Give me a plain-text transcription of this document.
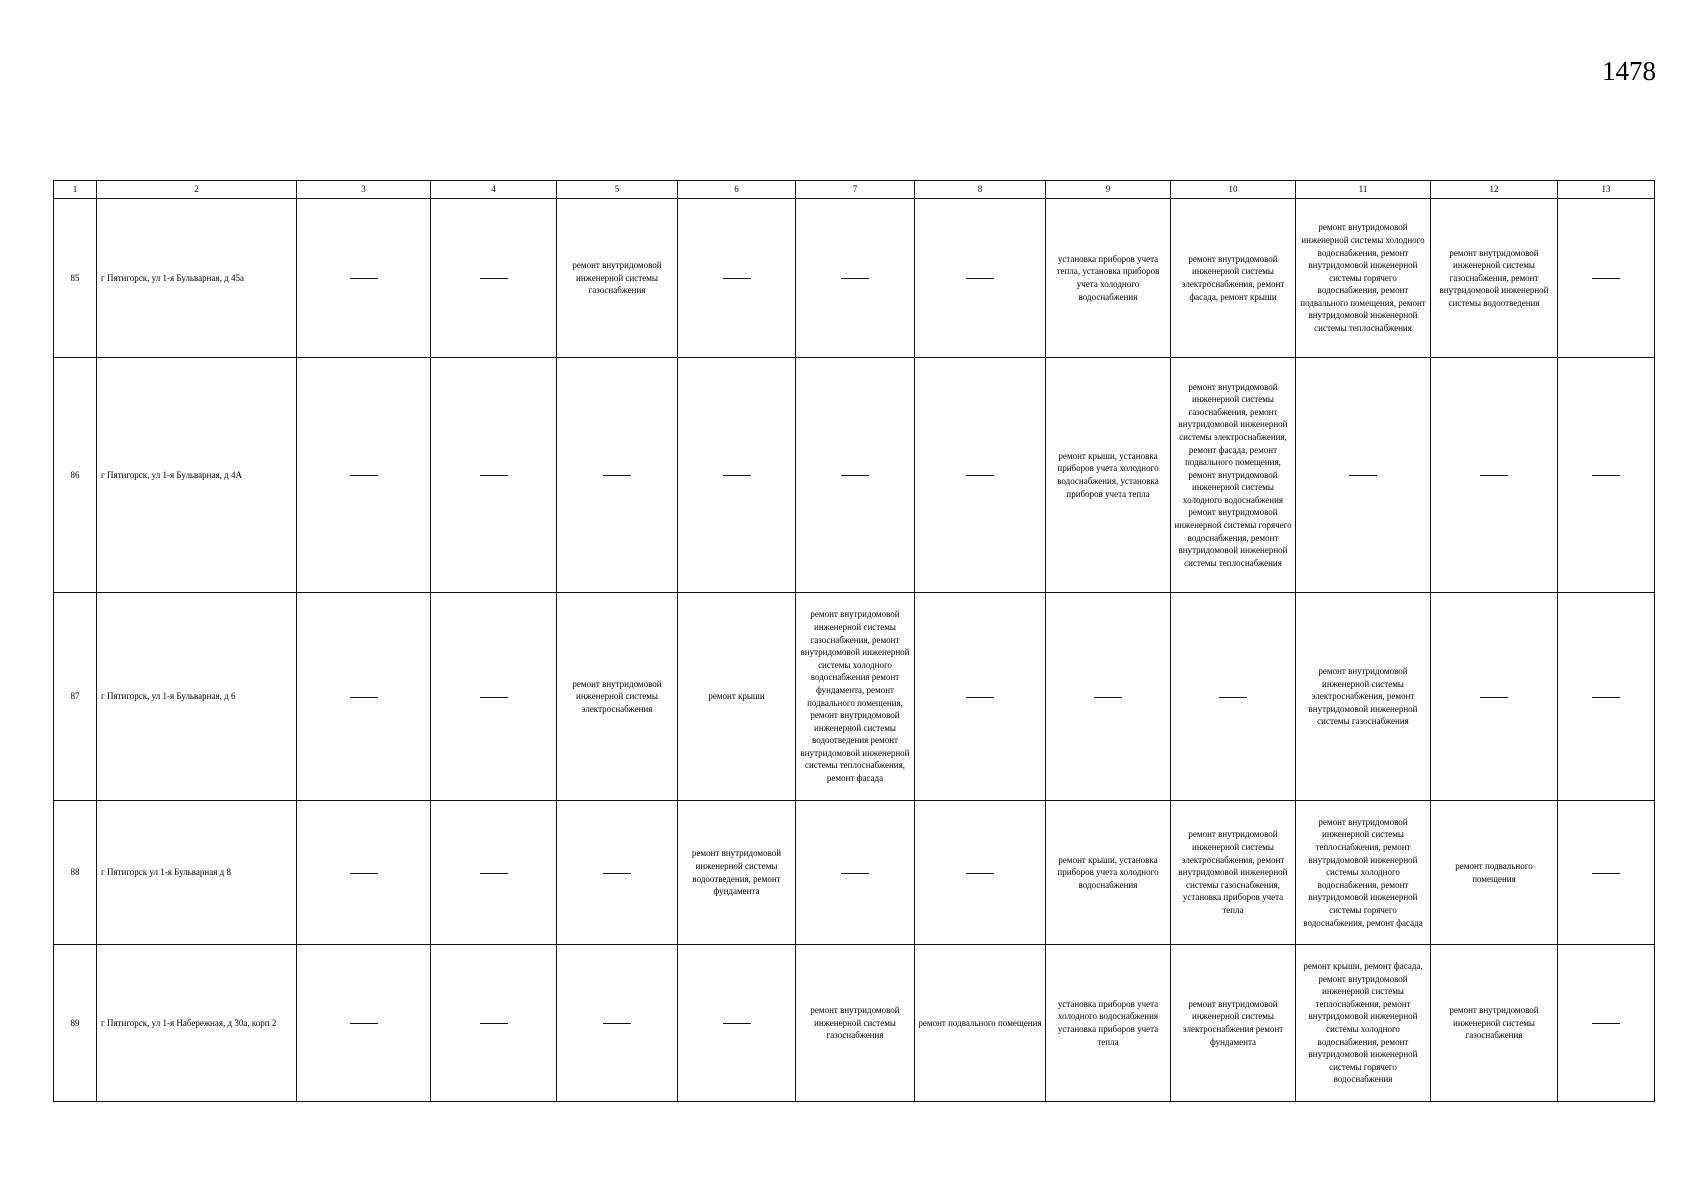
1478
1	2	3	4	5	6	7	8	9	10	11	12	13
85	г Пятигорск, ул 1-я Бульварная, д 45а			ремонт внутридомовой инженерной системы газоснабжения				установка приборов учета тепла, установка приборов учета холодного водоснабжения	ремонт внутридомовой инженерной системы электроснабжения, ремонт фасада, ремонт крыши	ремонт внутридомовой инженерной системы холодного водоснабжения, ремонт внутридомовой инженерной системы горячего водоснабжения, ремонт подвального помещения, ремонт внутридомовой инженерной системы теплоснабжения	ремонт внутридомовой инженерной системы газоснабжения, ремонт внутридомовой инженерной системы водоотведения	
86	г Пятигорск, ул 1-я Бульварная, д 4А							ремонт крыши, установка приборов учета холодного водоснабжения, установка приборов учета тепла	ремонт внутридомовой инженерной системы газоснабжения, ремонт внутридомовой инженерной системы электроснабжения, ремонт фасада, ремонт подвального помещения, ремонт внутридомовой инженерной системы холодного водоснабжения ремонт внутридомовой инженерной системы горячего водоснабжения, ремонт внутридомовой инженерной системы теплоснабжения			
87	г Пятигорск, ул 1-я Бульварная, д 6			ремонт внутридомовой инженерной системы электроснабжения	ремонт крыши	ремонт внутридомовой инженерной системы газоснабжения, ремонт внутридомовой инженерной системы холодного водоснабжения ремонт фундамента, ремонт подвального помещения, ремонт внутридомовой инженерной системы водоотведения ремонт внутридомовой инженерной системы теплоснабжения, ремонт фасада				ремонт внутридомовой инженерной системы электроснабжения, ремонт внутридомовой инженерной системы газоснабжения		
88	г Пятигорск ул 1-я Бульварная д 8				ремонт внутридомовой инженерной системы водоотведения, ремонт фундамента			ремонт крыши, установка приборов учета холодного водоснабжения	ремонт внутридомовой инженерной системы электроснабжения, ремонт внутридомовой инженерной системы газоснабжения, установка приборов учета тепла	ремонт внутридомовой инженерной системы теплоснабжения, ремонт внутридомовой инженерной системы холодного водоснабжения, ремонт внутридомовой инженерной системы горячего водоснабжения, ремонт фасада	ремонт подвального помещения	
89	г Пятигорск, ул 1-я Набережная, д 30а, корп 2					ремонт внутридомовой инженерной системы газоснабжения	ремонт подвального помещения	установка приборов учета холодного водоснабжения установка приборов учета тепла	ремонт внутридомовой инженерной системы электроснабжения ремонт фундамента	ремонт крыши, ремонт фасада, ремонт внутридомовой инженерной системы теплоснабжения, ремонт внутридомовой инженерной системы холодного водоснабжения, ремонт внутридомовой инженерной системы горячего водоснабжения	ремонт внутридомовой инженерной системы газоснабжения	
